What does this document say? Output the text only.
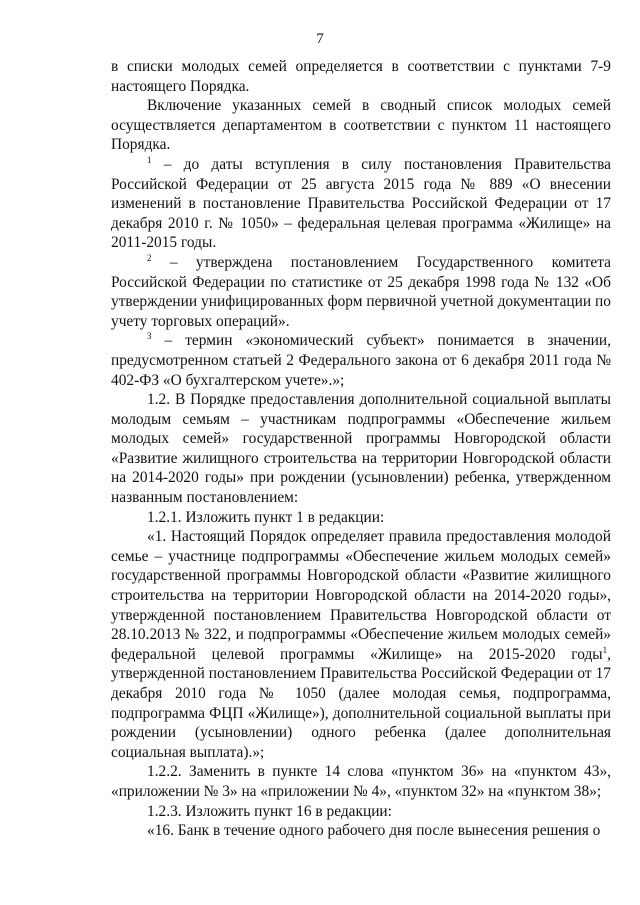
7

в списки молодых семей определяется в соответствии с пунктами 7-9 настоящего Порядка.

Включение указанных семей в сводный список молодых семей осуществляется департаментом в соответствии с пунктом 11 настоящего Порядка.

$^1$ – до даты вступления в силу постановления Правительства Российской Федерации от 25 августа 2015 года № 889 «О внесении изменений в постановление Правительства Российской Федерации от 17 декабря 2010 г. № 1050» – федеральная целевая программа «Жилище» на 2011-2015 годы.

$^2$ – утверждена постановлением Государственного комитета Российской Федерации по статистике от 25 декабря 1998 года № 132 «Об утверждении унифицированных форм первичной учетной документации по учету торговых операций».

$^3$ – термин «экономический субъект» понимается в значении, предусмотренном статьей 2 Федерального закона от 6 декабря 2011 года № 402-ФЗ «О бухгалтерском учете».»;

1.2. В Порядке предоставления дополнительной социальной выплаты молодым семьям – участникам подпрограммы «Обеспечение жильем молодых семей» государственной программы Новгородской области «Развитие жилищного строительства на территории Новгородской области на 2014-2020 годы» при рождении (усыновлении) ребенка, утвержденном названным постановлением:

1.2.1. Изложить пункт 1 в редакции:

«1. Настоящий Порядок определяет правила предоставления молодой семье – участнице подпрограммы «Обеспечение жильем молодых семей» государственной программы Новгородской области «Развитие жилищного строительства на территории Новгородской области на 2014-2020 годы», утвержденной постановлением Правительства Новгородской области от 28.10.2013 № 322, и подпрограммы «Обеспечение жильем молодых семей» федеральной целевой программы «Жилище» на 2015-2020 годы$^1$, утвержденной постановлением Правительства Российской Федерации от 17 декабря 2010 года № 1050 (далее молодая семья, подпрограмма, подпрограмма ФЦП «Жилище»), дополнительной социальной выплаты при рождении (усыновлении) одного ребенка (далее дополнительная социальная выплата).»;

1.2.2. Заменить в пункте 14 слова «пунктом 36» на «пунктом 43», «приложении № 3» на «приложении № 4», «пунктом 32» на «пунктом 38»;

1.2.3. Изложить пункт 16 в редакции:

«16. Банк в течение одного рабочего дня после вынесения решения о
